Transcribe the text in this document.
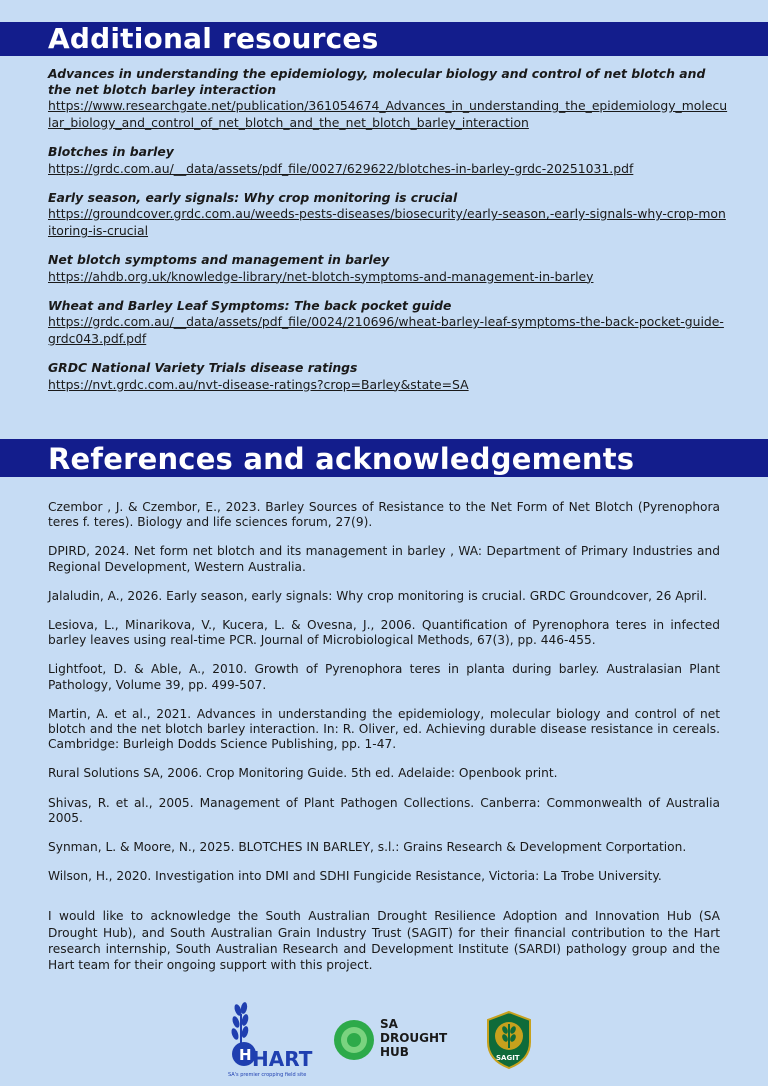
Additional resources
Advances in understanding the epidemiology, molecular biology and control of net blotch and the net blotch barley interaction
https://www.researchgate.net/publication/361054674_Advances_in_understanding_the_epidemiology_molecular_biology_and_control_of_net_blotch_and_the_net_blotch_barley_interaction
Blotches in barley
https://grdc.com.au/__data/assets/pdf_file/0027/629622/blotches-in-barley-grdc-20251031.pdf
Early season, early signals: Why crop monitoring is crucial
https://groundcover.grdc.com.au/weeds-pests-diseases/biosecurity/early-season,-early-signals-why-crop-monitoring-is-crucial
Net blotch symptoms and management in barley
https://ahdb.org.uk/knowledge-library/net-blotch-symptoms-and-management-in-barley
Wheat and Barley Leaf Symptoms: The back pocket guide
https://grdc.com.au/__data/assets/pdf_file/0024/210696/wheat-barley-leaf-symptoms-the-back-pocket-guide-grdc043.pdf.pdf
GRDC National Variety Trials disease ratings
https://nvt.grdc.com.au/nvt-disease-ratings?crop=Barley&state=SA
References and acknowledgements

Czembor , J. & Czembor, E., 2023. Barley Sources of Resistance to the Net Form of Net Blotch (Pyrenophora teres f. teres). Biology and life sciences forum, 27(9).

DPIRD, 2024. Net form net blotch and its management in barley , WA: Department of Primary Industries and Regional Development, Western Australia.

Jalaludin, A., 2026. Early season, early signals: Why crop monitoring is crucial. GRDC Groundcover, 26 April.

Lesiova, L., Minarikova, V., Kucera, L. & Ovesna, J., 2006. Quantification of Pyrenophora teres in infected barley leaves using real-time PCR. Journal of Microbiological Methods, 67(3), pp. 446-455.

Lightfoot, D. & Able, A., 2010. Growth of Pyrenophora teres in planta during barley. Australasian Plant Pathology, Volume 39, pp. 499-507.

Martin, A. et al., 2021. Advances in understanding the epidemiology, molecular biology and control of net blotch and the net blotch barley interaction. In: R. Oliver, ed. Achieving durable disease resistance in cereals. Cambridge: Burleigh Dodds Science Publishing, pp. 1-47.

Rural Solutions SA, 2006. Crop Monitoring Guide. 5th ed. Adelaide: Openbook print.

Shivas, R. et al., 2005. Management of Plant Pathogen Collections. Canberra: Commonwealth of Australia 2005.

Synman, L. & Moore, N., 2025. BLOTCHES IN BARLEY, s.l.: Grains Research & Development Corportation.

Wilson, H., 2020. Investigation into DMI and SDHI Fungicide Resistance, Victoria: La Trobe University.

I would like to acknowledge the South Australian Drought Resilience Adoption and Innovation Hub (SA Drought Hub), and South Australian Grain Industry Trust (SAGIT) for their financial contribution to the Hart research internship, South Australian Research and Development Institute (SARDI) pathology group and the Hart team for their ongoing support with this project.

H HART
SA's premier cropping field site
SA
DROUGHT
HUB	SAGIT
